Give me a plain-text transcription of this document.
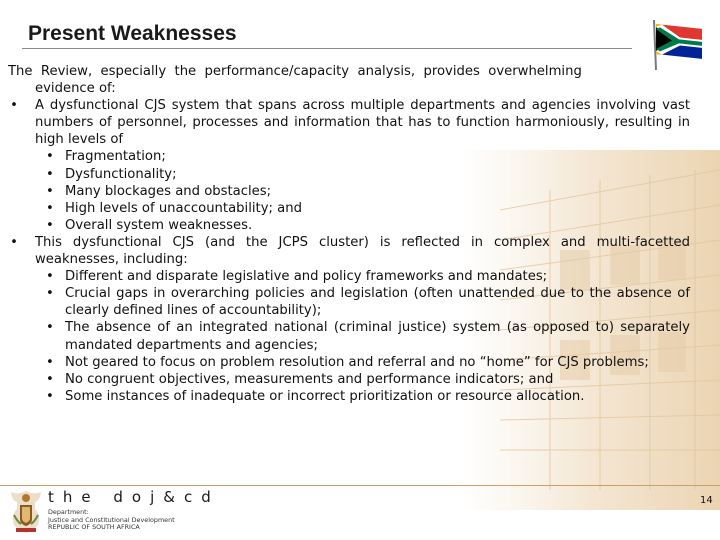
Present Weaknesses

The  Review,  especially  the  performance/capacity  analysis,  provides  overwhelming

evidence of:

• A dysfunctional CJS system that spans across multiple departments and agencies involving vast numbers of personnel, processes and information that has to function harmoniously, resulting in high levels of
• Fragmentation;
• Dysfunctionality;
• Many blockages and obstacles;
• High levels of unaccountability; and
• Overall system weaknesses.
• This dysfunctional CJS (and the JCPS cluster) is reflected in complex and multi-facetted weaknesses, including:
• Different and disparate legislative and policy frameworks and mandates;
• Crucial gaps in overarching policies and legislation (often unattended due to the absence of clearly defined lines of accountability);
• The absence of an integrated national (criminal justice) system (as opposed to) separately mandated departments and agencies;
• Not geared to focus on problem resolution and referral and no “home” for CJS problems;
• No congruent objectives, measurements and performance indicators; and
• Some instances of inadequate or incorrect prioritization or resource allocation.
the doj&cd
Department:
Justice and Constitutional Development
REPUBLIC OF SOUTH AFRICA
14
